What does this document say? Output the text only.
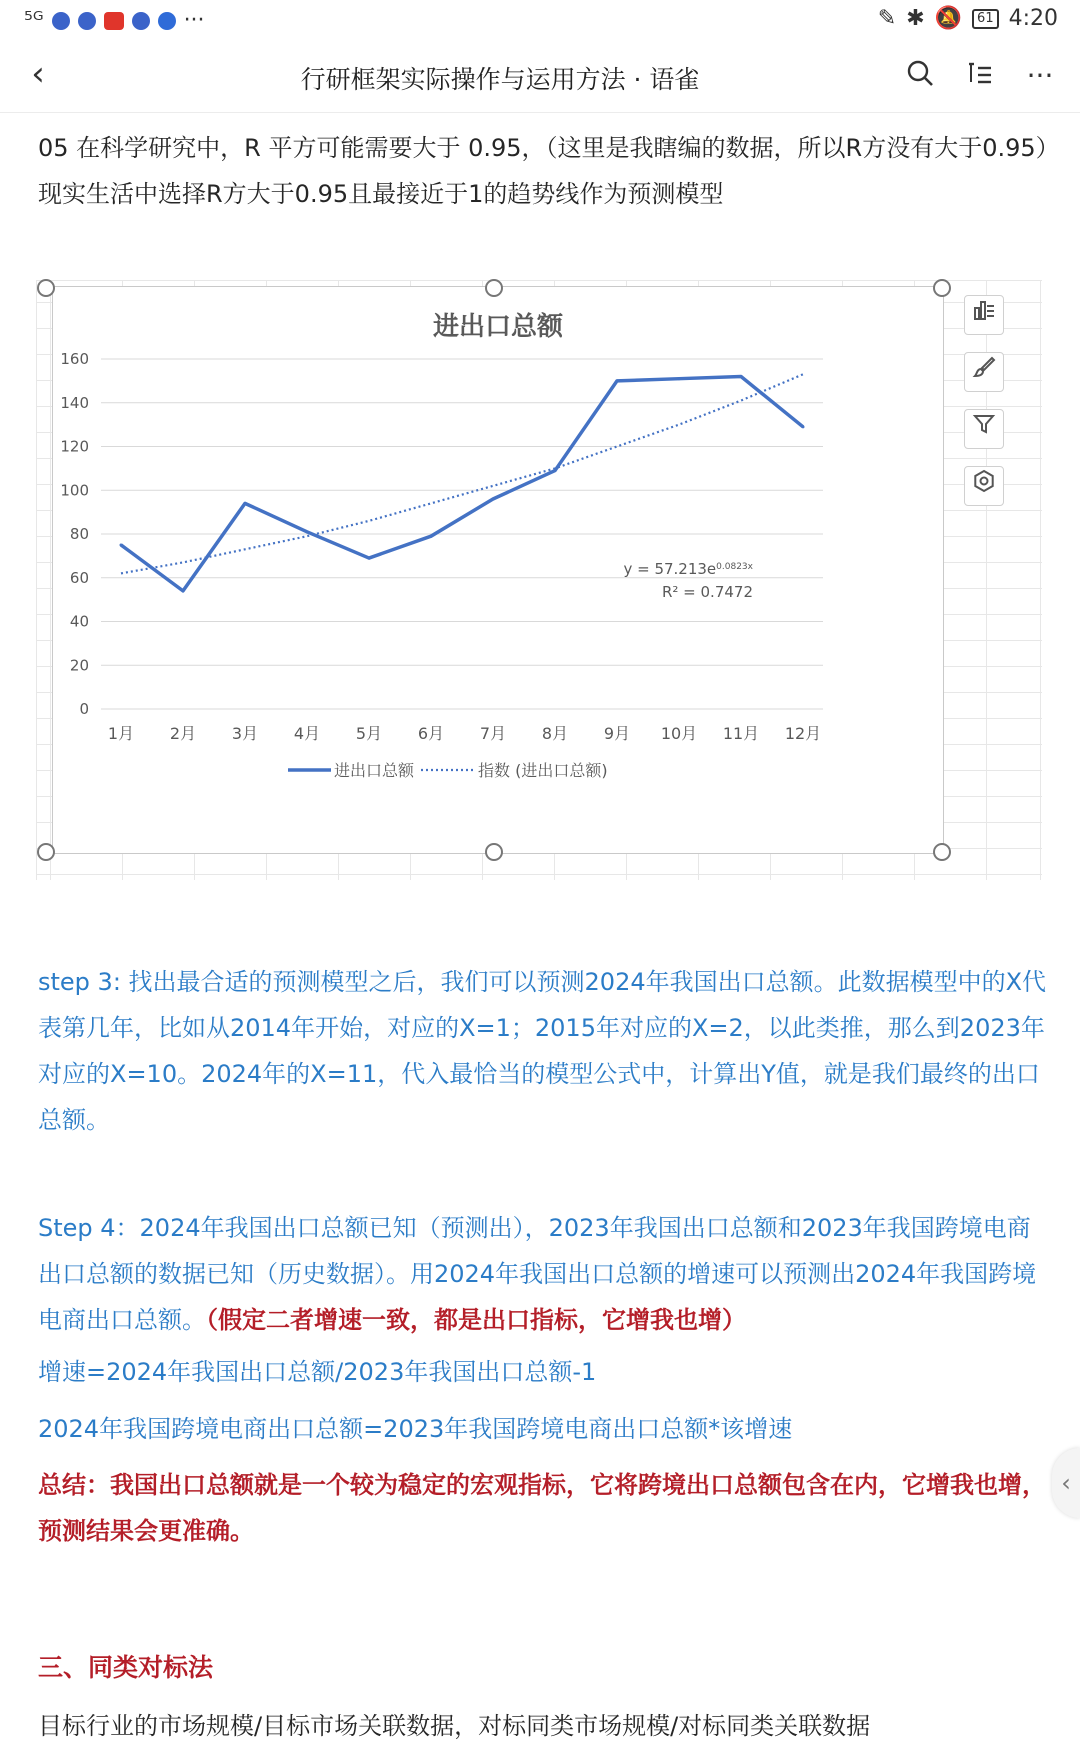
⁵ᴳ	···	✎ ✱ 🔕	61 4:20
‹	行研框架实际操作与运用方法 · 语雀	···
05 在科学研究中，R 平方可能需要大于 0.95，（这里是我瞎编的数据，所以R方没有大于0.95）现实生活中选择R方大于0.95且最接近于1的趋势线作为预测模型
进出口总额
0
20
40
60
80
100
120
140
160
1月 2月 3月 4月 5月 6月 7月 8月 9月 10月 11月 12月
$y = 57.213e^{0.0823x}$
R² = 0.7472
进出口总额	指数 (进出口总额)
step 3: 找出最合适的预测模型之后，我们可以预测2024年我国出口总额。此数据模型中的X代表第几年，比如从2014年开始，对应的X=1；2015年对应的X=2，以此类推，那么到2023年对应的X=10。2024年的X=11，代入最恰当的模型公式中，计算出Y值，就是我们最终的出口总额。
Step 4：2024年我国出口总额已知（预测出），2023年我国出口总额和2023年我国跨境电商出口总额的数据已知（历史数据）。用2024年我国出口总额的增速可以预测出2024年我国跨境电商出口总额。（假定二者增速一致，都是出口指标，它增我也增）
增速=2024年我国出口总额/2023年我国出口总额-1
2024年我国跨境电商出口总额=2023年我国跨境电商出口总额*该增速
总结：我国出口总额就是一个较为稳定的宏观指标，它将跨境出口总额包含在内，它增我也增，预测结果会更准确。
三、同类对标法
目标行业的市场规模/目标市场关联数据，对标同类市场规模/对标同类关联数据
‹
